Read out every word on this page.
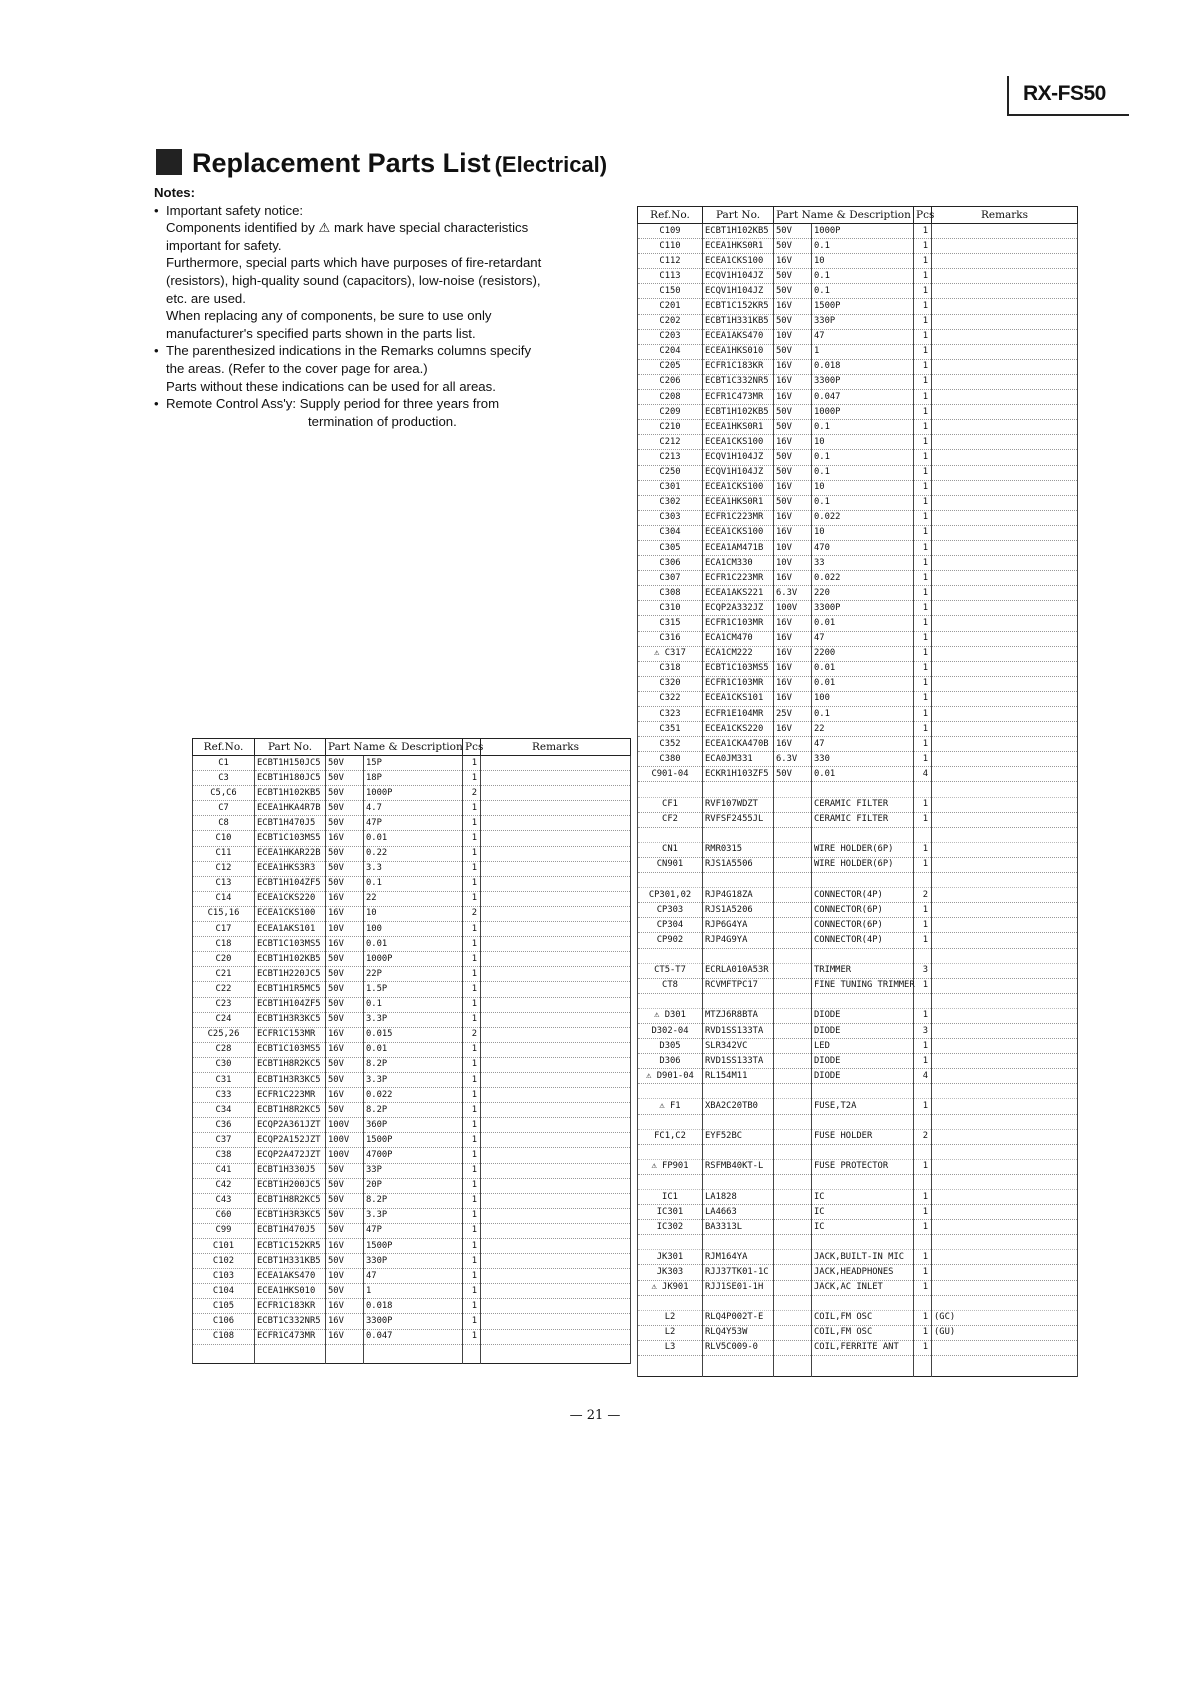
RX-FS50
Replacement Parts List (Electrical)
Notes:
• Important safety notice:
Components identified by ⚠ mark have special characteristics
important for safety.
Furthermore, special parts which have purposes of fire-retardant
(resistors), high-quality sound (capacitors), low-noise (resistors),
etc. are used.
When replacing any of components, be sure to use only
manufacturer's specified parts shown in the parts list.
• The parenthesized indications in the Remarks columns specify
the areas. (Refer to the cover page for area.)
Parts without these indications can be used for all areas.
• Remote Control Ass'y: Supply period for three years from
termination of production.
Ref.No.	Part No.	Part Name & Description		Pcs	Remarks
C1	ECBT1H150JC5	50V	15P	1	
C3	ECBT1H180JC5	50V	18P	1	
C5,C6	ECBT1H102KB5	50V	1000P	2	
C7	ECEA1HKA4R7B	50V	4.7	1	
C8	ECBT1H470J5	50V	47P	1	
C10	ECBT1C103MS5	16V	0.01	1	
C11	ECEA1HKAR22B	50V	0.22	1	
C12	ECEA1HKS3R3	50V	3.3	1	
C13	ECBT1H104ZF5	50V	0.1	1	
C14	ECEA1CKS220	16V	22	1	
C15,16	ECEA1CKS100	16V	10	2	
C17	ECEA1AKS101	10V	100	1	
C18	ECBT1C103MS5	16V	0.01	1	
C20	ECBT1H102KB5	50V	1000P	1	
C21	ECBT1H220JC5	50V	22P	1	
C22	ECBT1H1R5MC5	50V	1.5P	1	
C23	ECBT1H104ZF5	50V	0.1	1	
C24	ECBT1H3R3KC5	50V	3.3P	1	
C25,26	ECFR1C153MR	16V	0.015	2	
C28	ECBT1C103MS5	16V	0.01	1	
C30	ECBT1H8R2KC5	50V	8.2P	1	
C31	ECBT1H3R3KC5	50V	3.3P	1	
C33	ECFR1C223MR	16V	0.022	1	
C34	ECBT1H8R2KC5	50V	8.2P	1	
C36	ECQP2A361JZT	100V	360P	1	
C37	ECQP2A152JZT	100V	1500P	1	
C38	ECQP2A472JZT	100V	4700P	1	
C41	ECBT1H330J5	50V	33P	1	
C42	ECBT1H200JC5	50V	20P	1	
C43	ECBT1H8R2KC5	50V	8.2P	1	
C60	ECBT1H3R3KC5	50V	3.3P	1	
C99	ECBT1H470J5	50V	47P	1	
C101	ECBT1C152KR5	16V	1500P	1	
C102	ECBT1H331KB5	50V	330P	1	
C103	ECEA1AKS470	10V	47	1	
C104	ECEA1HKS010	50V	1	1	
C105	ECFR1C183KR	16V	0.018	1	
C106	ECBT1C332NR5	16V	3300P	1	
C108	ECFR1C473MR	16V	0.047	1	

Ref.No.	Part No.	Part Name & Description		Pcs	Remarks
C109	ECBT1H102KB5	50V	1000P	1	
C110	ECEA1HKS0R1	50V	0.1	1	
C112	ECEA1CKS100	16V	10	1	
C113	ECQV1H104JZ	50V	0.1	1	
C150	ECQV1H104JZ	50V	0.1	1	
C201	ECBT1C152KR5	16V	1500P	1	
C202	ECBT1H331KB5	50V	330P	1	
C203	ECEA1AKS470	10V	47	1	
C204	ECEA1HKS010	50V	1	1	
C205	ECFR1C183KR	16V	0.018	1	
C206	ECBT1C332NR5	16V	3300P	1	
C208	ECFR1C473MR	16V	0.047	1	
C209	ECBT1H102KB5	50V	1000P	1	
C210	ECEA1HKS0R1	50V	0.1	1	
C212	ECEA1CKS100	16V	10	1	
C213	ECQV1H104JZ	50V	0.1	1	
C250	ECQV1H104JZ	50V	0.1	1	
C301	ECEA1CKS100	16V	10	1	
C302	ECEA1HKS0R1	50V	0.1	1	
C303	ECFR1C223MR	16V	0.022	1	
C304	ECEA1CKS100	16V	10	1	
C305	ECEA1AM471B	10V	470	1	
C306	ECA1CM330	10V	33	1	
C307	ECFR1C223MR	16V	0.022	1	
C308	ECEA1AKS221	6.3V	220	1	
C310	ECQP2A332JZ	100V	3300P	1	
C315	ECFR1C103MR	16V	0.01	1	
C316	ECA1CM470	16V	47	1	
⚠ C317	ECA1CM222	16V	2200	1	
C318	ECBT1C103MS5	16V	0.01	1	
C320	ECFR1C103MR	16V	0.01	1	
C322	ECEA1CKS101	16V	100	1	
C323	ECFR1E104MR	25V	0.1	1	
C351	ECEA1CKS220	16V	22	1	
C352	ECEA1CKA470B	16V	47	1	
C380	ECA0JM331	6.3V	330	1	
C901-04	ECKR1H103ZF5	50V	0.01	4	

CF1	RVF107WDZT		CERAMIC FILTER	1	
CF2	RVFSF2455JL		CERAMIC FILTER	1	

CN1	RMR0315		WIRE HOLDER(6P)	1	
CN901	RJS1A5506		WIRE HOLDER(6P)	1	

CP301,02	RJP4G18ZA		CONNECTOR(4P)	2	
CP303	RJS1A5206		CONNECTOR(6P)	1	
CP304	RJP6G4YA		CONNECTOR(6P)	1	
CP902	RJP4G9YA		CONNECTOR(4P)	1	

CT5-T7	ECRLA010A53R		TRIMMER	3	
CT8	RCVMFTPC17		FINE TUNING TRIMMER	1	

⚠ D301	MTZJ6R8BTA		DIODE	1	
D302-04	RVD1SS133TA		DIODE	3	
D305	SLR342VC		LED	1	
D306	RVD1SS133TA		DIODE	1	
⚠ D901-04	RL154M11		DIODE	4	

⚠ F1	XBA2C20TB0		FUSE,T2A	1	

FC1,C2	EYF52BC		FUSE HOLDER	2	

⚠ FP901	RSFMB40KT-L		FUSE PROTECTOR	1	

IC1	LA1828		IC	1	
IC301	LA4663		IC	1	
IC302	BA3313L		IC	1	

JK301	RJM164YA		JACK,BUILT-IN MIC	1	
JK303	RJJ37TK01-1C		JACK,HEADPHONES	1	
⚠ JK901	RJJ1SE01-1H		JACK,AC INLET	1	

L2	RLQ4P002T-E		COIL,FM OSC	1	(GC)
L2	RLQ4Y53W		COIL,FM OSC	1	(GU)
L3	RLV5C009-0		COIL,FERRITE ANT	1	

— 21 —
